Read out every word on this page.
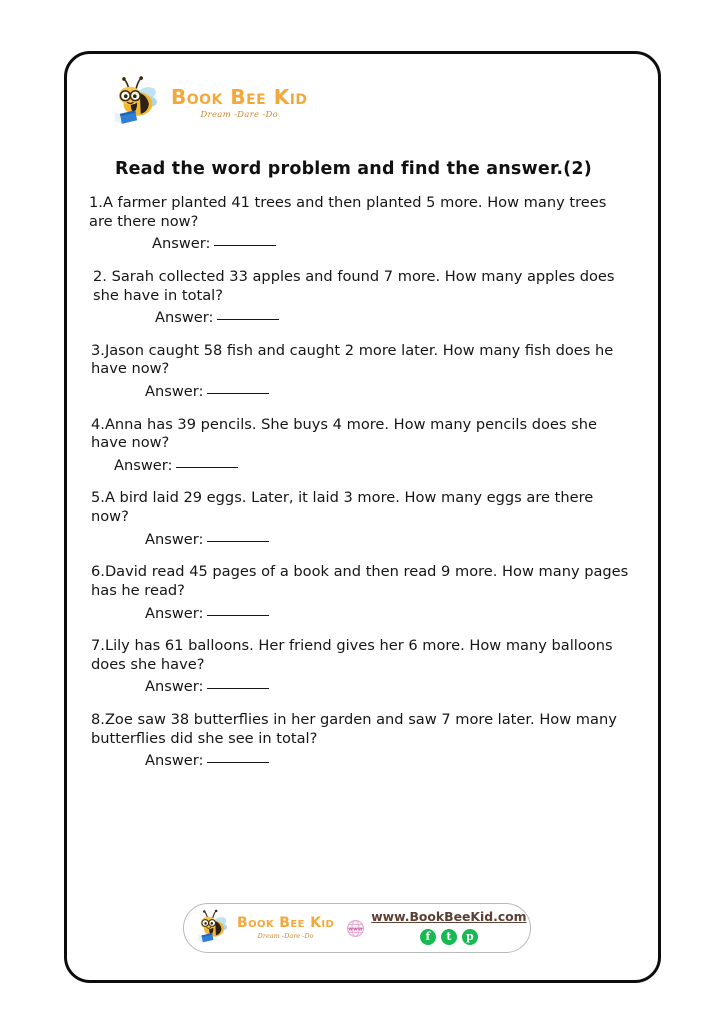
Book Bee Kid
Dream -Dare -Do
Read the word problem and find the answer.(2)
1.A farmer planted 41 trees and then planted 5 more. How many trees are there now?
Answer:
2. Sarah collected 33 apples and found 7 more. How many apples does she have in total?
Answer:
3.Jason caught 58 fish and caught 2 more later. How many fish does he have now?
Answer:
4.Anna has 39 pencils. She buys 4 more. How many pencils does she have now?
Answer:
5.A bird laid 29 eggs. Later, it laid 3 more. How many eggs are there now?
Answer:
6.David read 45 pages of a book and then read 9 more. How many pages has he read?
Answer:
7.Lily has 61 balloons. Her friend gives her 6 more. How many balloons does she have?
Answer:
8.Zoe saw 38 butterflies in her garden and saw 7 more later. How many butterflies did she see in total?
Answer:
Book Bee Kid
Dream -Dare -Do
www
www.BookBeeKid.com
f	t	p
